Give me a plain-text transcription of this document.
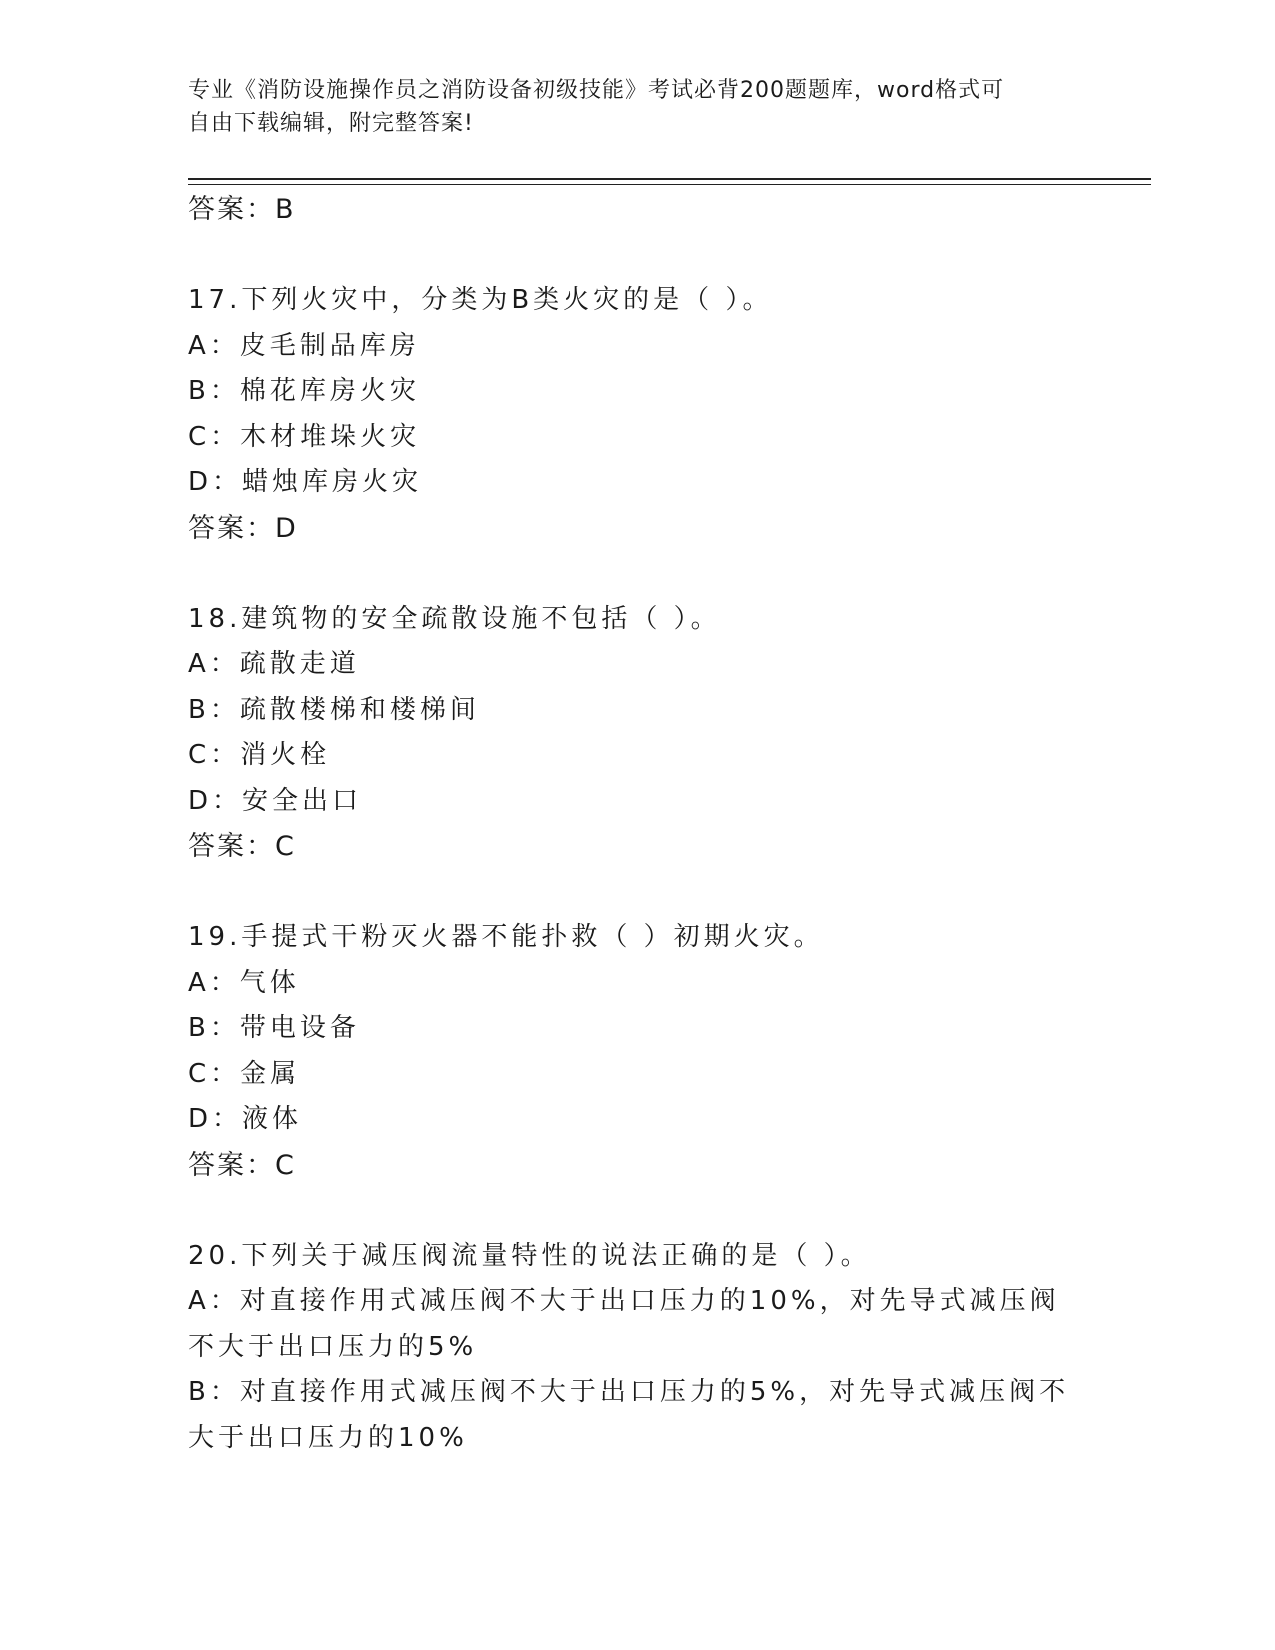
专业《消防设施操作员之消防设备初级技能》考试必背200题题库，word格式可
自由下载编辑，附完整答案!
答案：B
17.下列火灾中，分类为B类火灾的是（ ）。
A：皮毛制品库房
B：棉花库房火灾
C：木材堆垛火灾
D：蜡烛库房火灾
答案：D
18.建筑物的安全疏散设施不包括（ ）。
A：疏散走道
B：疏散楼梯和楼梯间
C：消火栓
D：安全出口
答案：C
19.手提式干粉灭火器不能扑救（ ）初期火灾。
A：气体
B：带电设备
C：金属
D：液体
答案：C
20.下列关于减压阀流量特性的说法正确的是（ ）。
A：对直接作用式减压阀不大于出口压力的10%，对先导式减压阀不大于出口压力的5%
B：对直接作用式减压阀不大于出口压力的5%，对先导式减压阀不大于出口压力的10%
